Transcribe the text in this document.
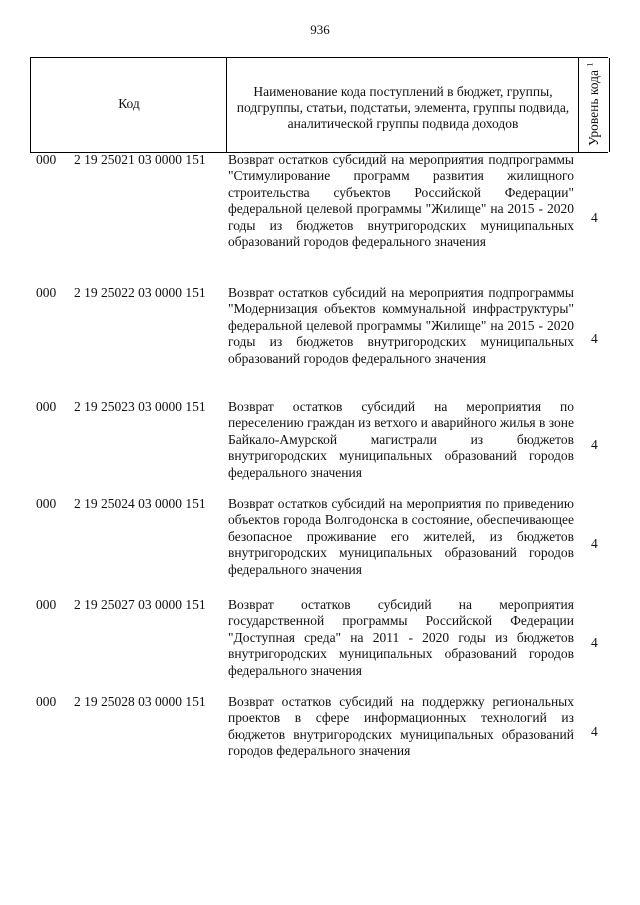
936
Код
Наименование кода поступлений в бюджет, группы, подгруппы, статьи, подстатьи, элемента, группы подвида, аналитической группы подвида доходов	Уровень кода $^1$
000 2 19 25021 03 0000 151 Возврат остатков субсидий на мероприятия подпрограммы "Стимулирование программ развития жилищного строительства субъектов Российской Федерации" федеральной целевой программы "Жилище" на 2015 - 2020 годы из бюджетов внутригородских муниципальных образований городов федерального значения
4
000 2 19 25022 03 0000 151 Возврат остатков субсидий на мероприятия подпрограммы "Модернизация объектов коммунальной инфраструктуры" федеральной целевой программы "Жилище" на 2015 - 2020 годы из бюджетов внутригородских муниципальных образований городов федерального значения
4
000 2 19 25023 03 0000 151 Возврат остатков субсидий на мероприятия по переселению граждан из ветхого и аварийного жилья в зоне Байкало-Амурской магистрали из бюджетов внутригородских муниципальных образований городов федерального значения
4
000 2 19 25024 03 0000 151 Возврат остатков субсидий на мероприятия по приведению объектов города Волгодонска в состояние, обеспечивающее безопасное проживание его жителей, из бюджетов внутригородских муниципальных образований городов федерального значения
4
000 2 19 25027 03 0000 151 Возврат остатков субсидий на мероприятия государственной программы Российской Федерации "Доступная среда" на 2011 - 2020 годы из бюджетов внутригородских муниципальных образований городов федерального значения
4
000 2 19 25028 03 0000 151 Возврат остатков субсидий на поддержку региональных проектов в сфере информационных технологий из бюджетов внутригородских муниципальных образований городов федерального значения
4
